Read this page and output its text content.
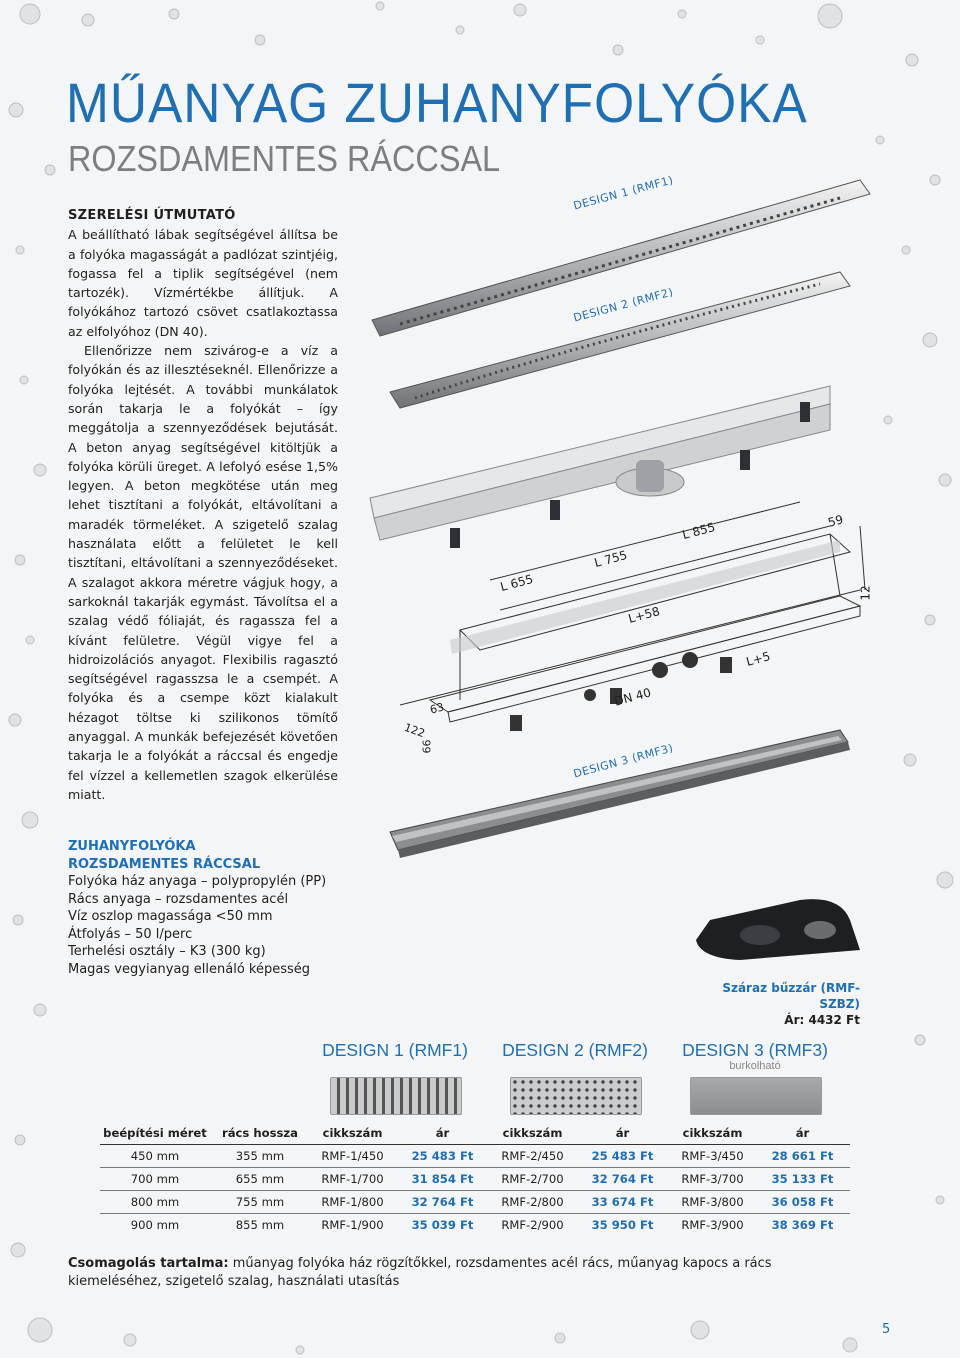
MŰANYAG ZUHANYFOLYÓKA
ROZSDAMENTES RÁCCSAL
SZERELÉSI ÚTMUTATÓ

A beállítható lábak segítségével állítsa be a folyóka magasságát a padlózat szintjéig, fogassa fel a tiplik segítségével (nem tartozék). Vízmértékbe állítjuk. A folyókához tartozó csövet csatlakoztassa az elfolyóhoz (DN 40).

Ellenőrizze nem szivárog-e a víz a folyókán és az illesztéseknél. Ellenőrizze a folyóka lejtését. A további munkálatok során takarja le a folyókát – így meggátolja a szennyeződések bejutását. A beton anyag segítségével kitöltjük a folyóka körüli üreget. A lefolyó esése 1,5% legyen. A beton megkötése után meg lehet tisztítani a folyókát, eltávolítani a maradék törmeléket. A szigetelő szalag használata előtt a felületet le kell tisztítani, eltávolítani a szennyeződéseket. A szalagot akkora méretre vágjuk hogy, a sarkoknál takarják egymást. Távolítsa el a szalag védő fóliaját, és ragassza fel a kívánt felületre. Végül vigye fel a hidroizolációs anyagot. Flexibilis ragasztó segítségével ragasszsa le a csempét. A folyóka és a csempe közt kialakult hézagot töltse ki szilikonos tömítő anyaggal. A munkák befejezését követően takarja le a folyókát a ráccsal és engedje fel vízzel a kellemetlen szagok elkerülése miatt.

DESIGN 1 (RMF1)
DESIGN 2 (RMF2)
DESIGN 3 (RMF3)
L 655
L 755
L 855	59
12
L+58
L+5
DN 40
63
122
66

ZUHANYFOLYÓKA

ROZSDAMENTES RÁCCSAL

Folyóka ház anyaga – polypropylén (PP)

Rács anyaga – rozsdamentes acél

Víz oszlop magassága <50 mm

Átfolyás – 50 l/perc

Terhelési osztály – K3 (300 kg)

Magas vegyianyag ellenáló képesség

Száraz bűzzár (RMF-SZBZ)
Ár: 4432 Ft
DESIGN 1 (RMF1)	DESIGN 2 (RMF2)	DESIGN 3 (RMF3)
burkolható
beépítési méret	rács hossza	cikkszám	ár	cikkszám	ár	cikkszám	ár
450 mm	355 mm	RMF-1/450	25 483 Ft	RMF-2/450	25 483 Ft	RMF-3/450	28 661 Ft
700 mm	655 mm	RMF-1/700	31 854 Ft	RMF-2/700	32 764 Ft	RMF-3/700	35 133 Ft
800 mm	755 mm	RMF-1/800	32 764 Ft	RMF-2/800	33 674 Ft	RMF-3/800	36 058 Ft
900 mm	855 mm	RMF-1/900	35 039 Ft	RMF-2/900	35 950 Ft	RMF-3/900	38 369 Ft
Csomagolás tartalma: műanyag folyóka ház rögzítőkkel, rozsdamentes acél rács, műanyag kapocs a rács kiemeléséhez, szigetelő szalag, használati utasítás
5
